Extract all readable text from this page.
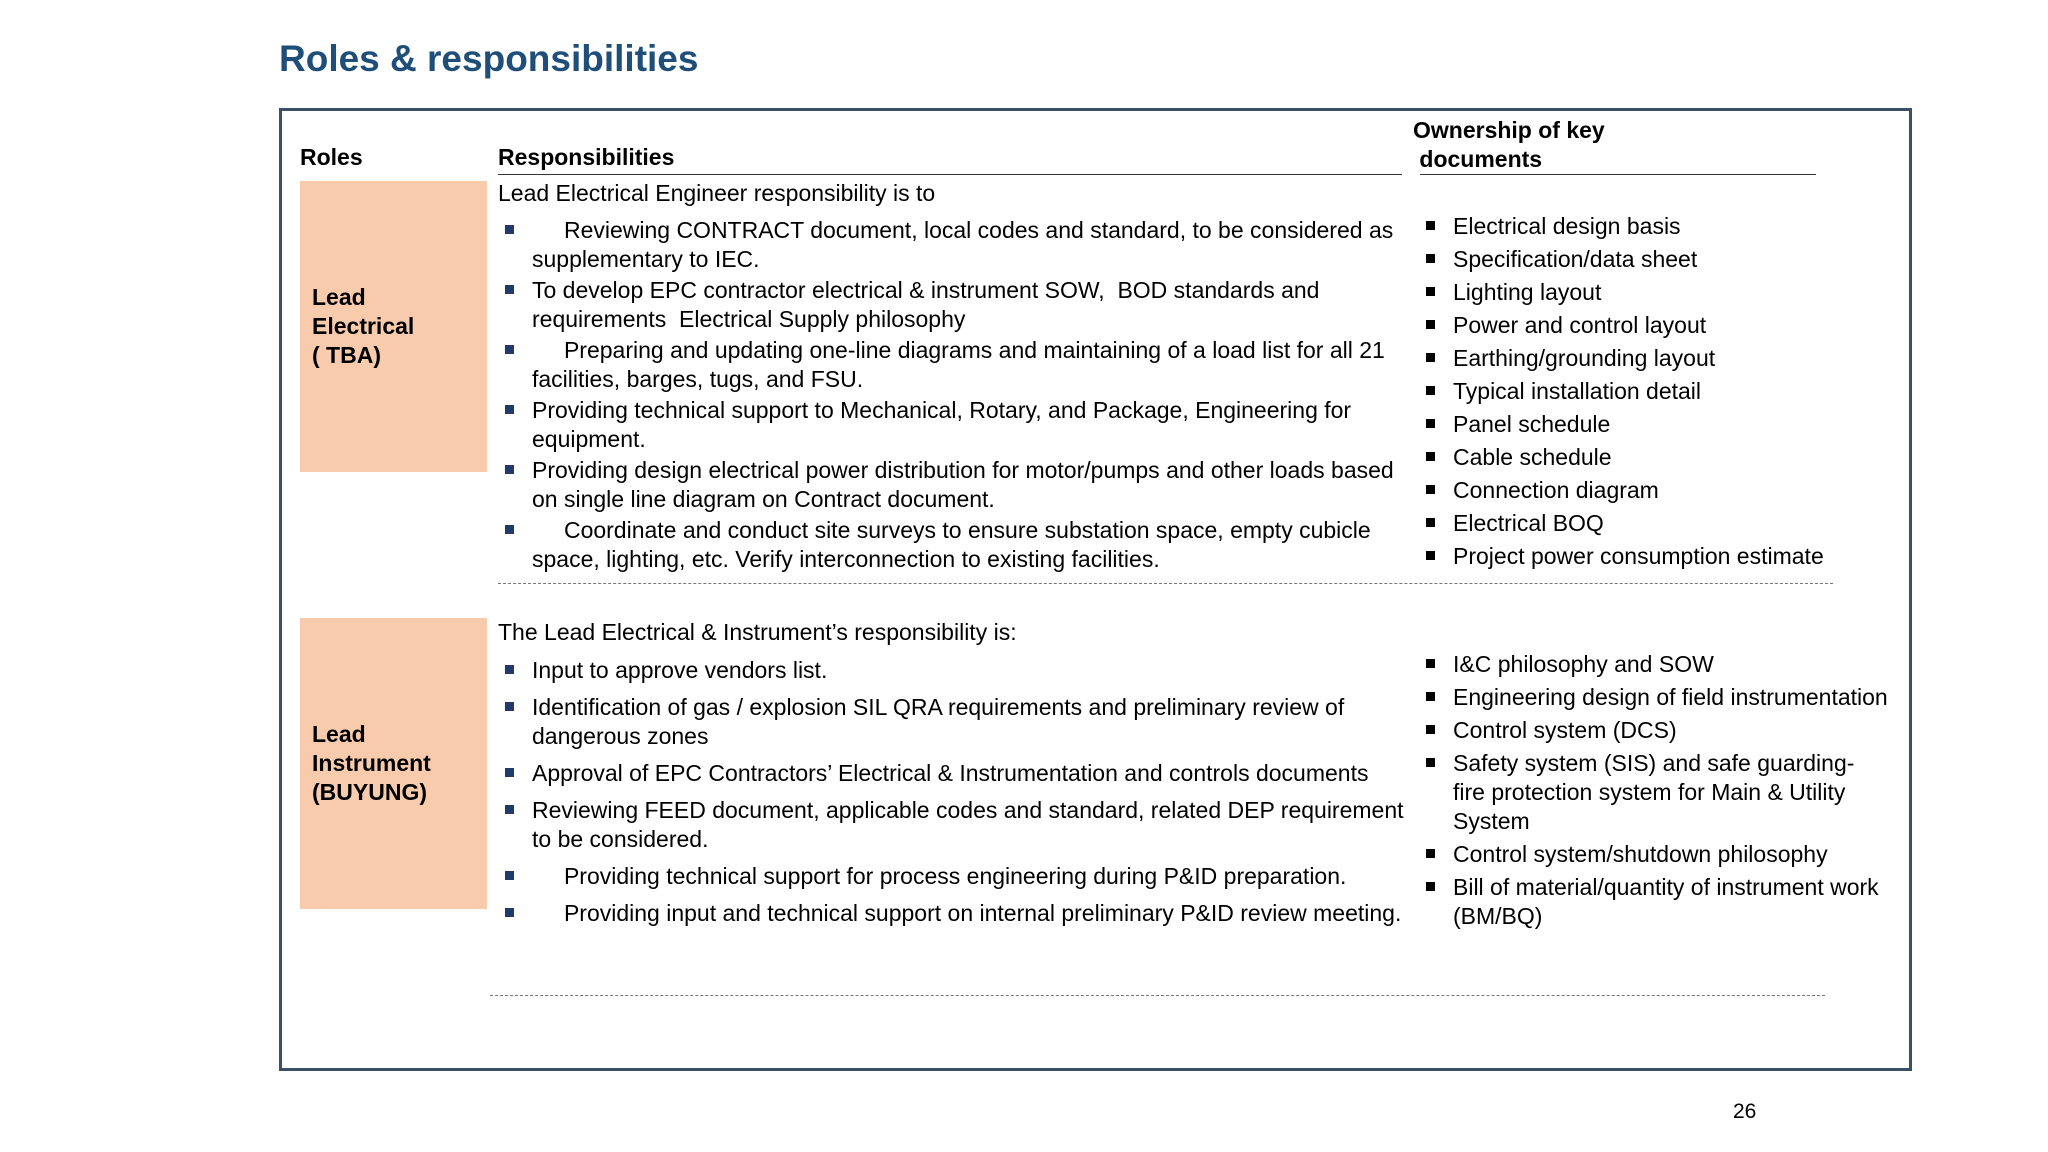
Roles & responsibilities
Roles	Responsibilities
Ownership of key
documents
Lead
Electrical
( TBA)
Lead Electrical Engineer responsibility is to
Reviewing CONTRACT document, local codes and standard, to be considered as supplementary to IEC.
To develop EPC contractor electrical & instrument SOW,  BOD standards and requirements  Electrical Supply philosophy
Preparing and updating one-line diagrams and maintaining of a load list for all 21 facilities, barges, tugs, and FSU.
Providing technical support to Mechanical, Rotary, and Package, Engineering for equipment.
Providing design electrical power distribution for motor/pumps and other loads based on single line diagram on Contract document.
Coordinate and conduct site surveys to ensure substation space, empty cubicle space, lighting, etc. Verify interconnection to existing facilities.
Electrical design basis
Specification/data sheet
Lighting layout
Power and control layout
Earthing/grounding layout
Typical installation detail
Panel schedule
Cable schedule
Connection diagram
Electrical BOQ
Project power consumption estimate
Lead
Instrument
(BUYUNG)
The Lead Electrical & Instrument’s responsibility is:
Input to approve vendors list.
Identification of gas / explosion SIL QRA requirements and preliminary review of dangerous zones
Approval of EPC Contractors’ Electrical & Instrumentation and controls documents
Reviewing FEED document, applicable codes and standard, related DEP requirement to be considered.
Providing technical support for process engineering during P&ID preparation.
Providing input and technical support on internal preliminary P&ID review meeting.
I&C philosophy and SOW
Engineering design of field instrumentation
Control system (DCS)
Safety system (SIS) and safe guarding- fire protection system for Main & Utility System
Control system/shutdown philosophy
Bill of material/quantity of instrument work (BM/BQ)
26
